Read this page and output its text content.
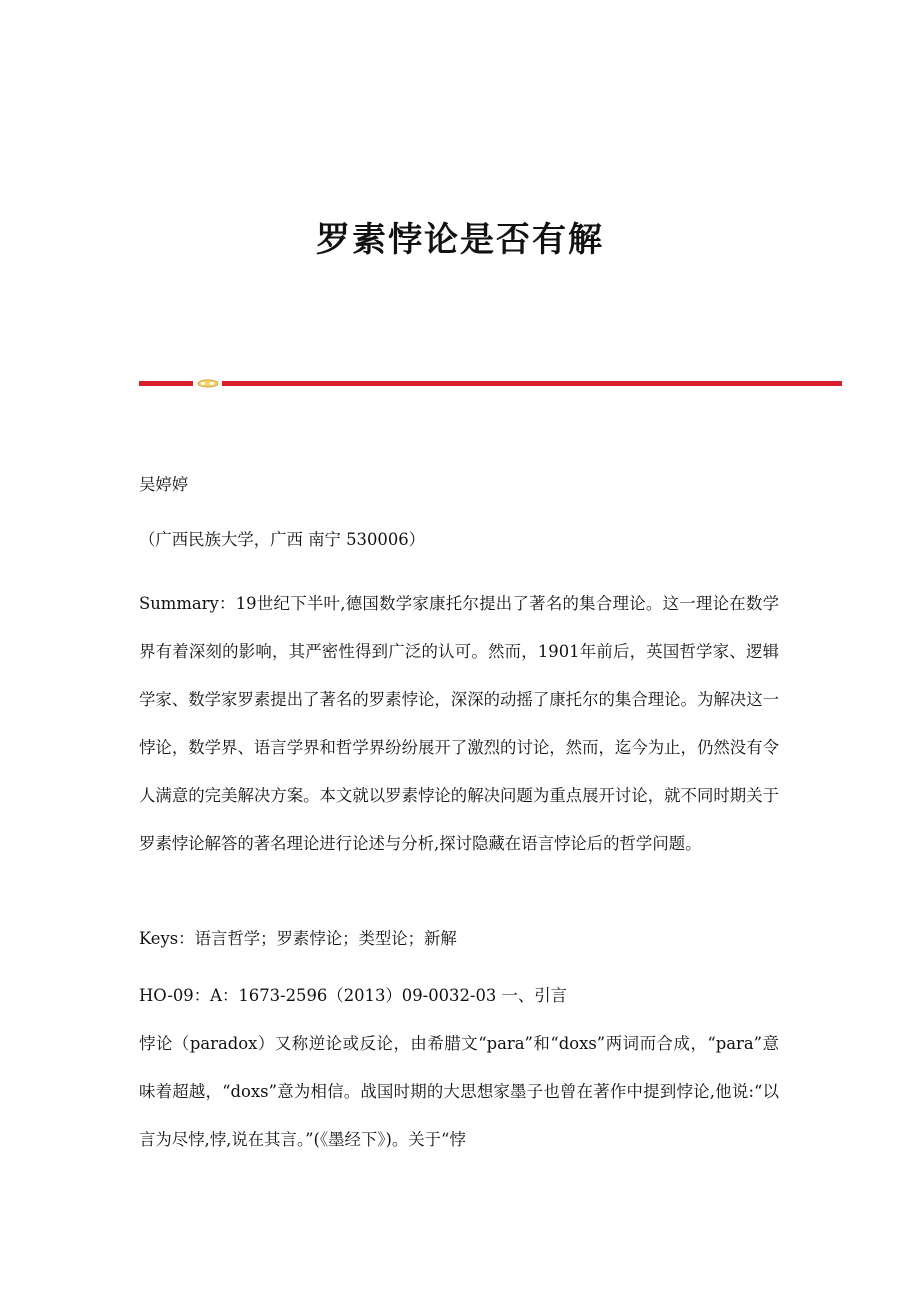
罗素悖论是否有解

吴婷婷

（广西民族大学，广西 南宁 530006）

Summary：19世纪下半叶,德国数学家康托尔提出了著名的集合理论。这一理论在数学界有着深刻的影响，其严密性得到广泛的认可。然而，1901年前后，英国哲学家、逻辑学家、数学家罗素提出了著名的罗素悖论，深深的动摇了康托尔的集合理论。为解决这一悖论，数学界、语言学界和哲学界纷纷展开了激烈的讨论，然而，迄今为止，仍然没有令人满意的完美解决方案。本文就以罗素悖论的解决问题为重点展开讨论，就不同时期关于罗素悖论解答的著名理论进行论述与分析,探讨隐藏在语言悖论后的哲学问题。

Keys：语言哲学；罗素悖论；类型论；新解

HO-09：A：1673-2596（2013）09-0032-03 一、引言

悖论（paradox）又称逆论或反论，由希腊文“para”和“doxs”两词而合成，“para”意味着超越，“doxs”意为相信。战国时期的大思想家墨子也曾在著作中提到悖论,他说:“以言为尽悖,悖,说在其言。”(《墨经下》)。关于“悖
